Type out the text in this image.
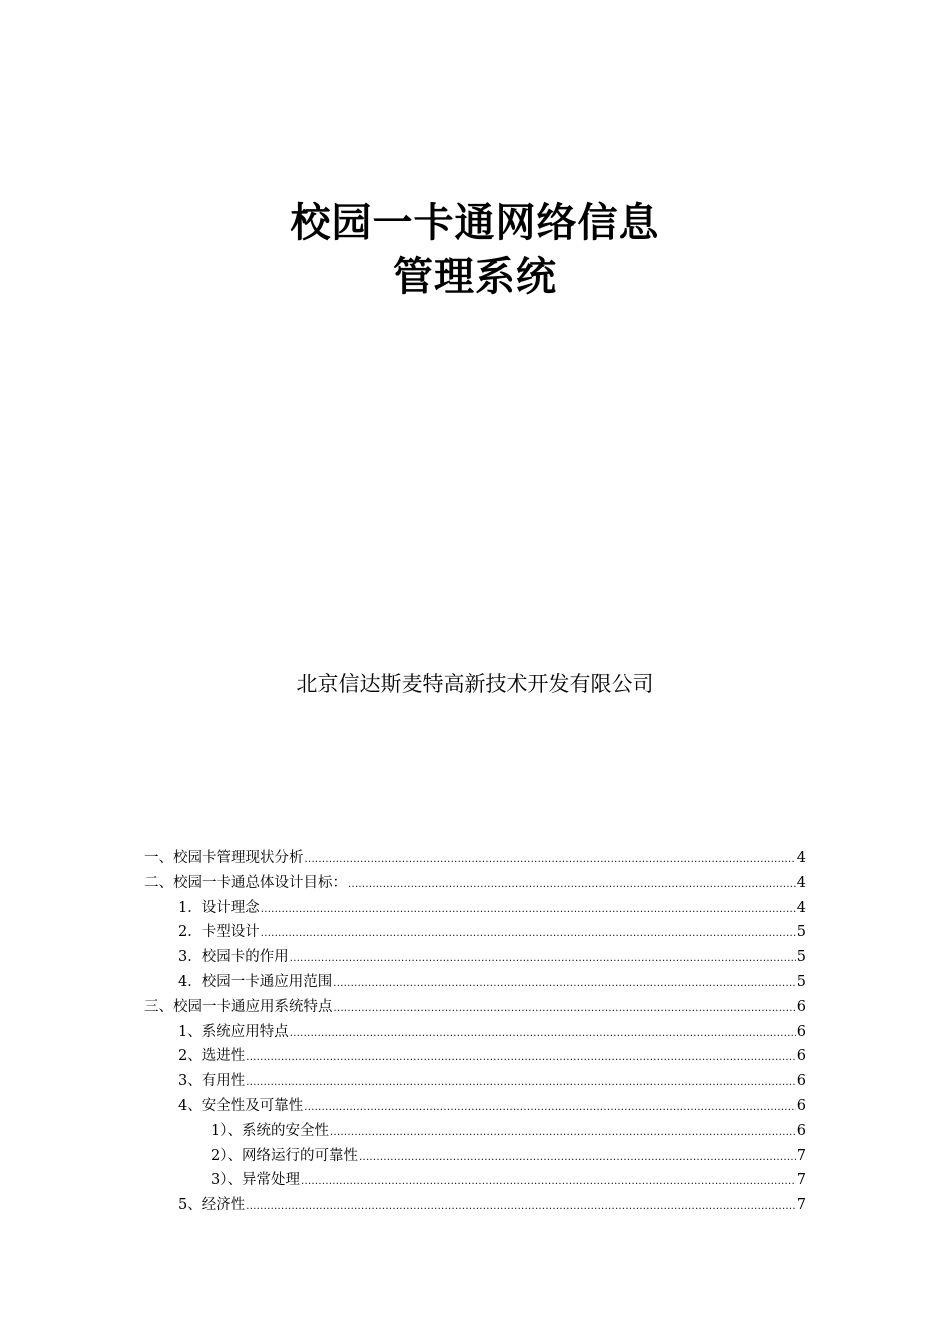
校园一卡通网络信息
管理系统
北京信达斯麦特高新技术开发有限公司
一、校园卡管理现状分析 .....	4
二、校园一卡通总体设计目标： .....	4
1．设计理念 .....	4
2．卡型设计 .....	5
3．校园卡的作用 .....	5
4．校园一卡通应用范围 .....	5
三、校园一卡通应用系统特点 .....	6
1、系统应用特点 .....	6
2、选进性 .....	6
3、有用性 .....	6
4、安全性及可靠性 .....	6
1）、系统的安全性 .....	6
2）、网络运行的可靠性 .....	7
3）、异常处理 .....	7
5、经济性 .....	7
